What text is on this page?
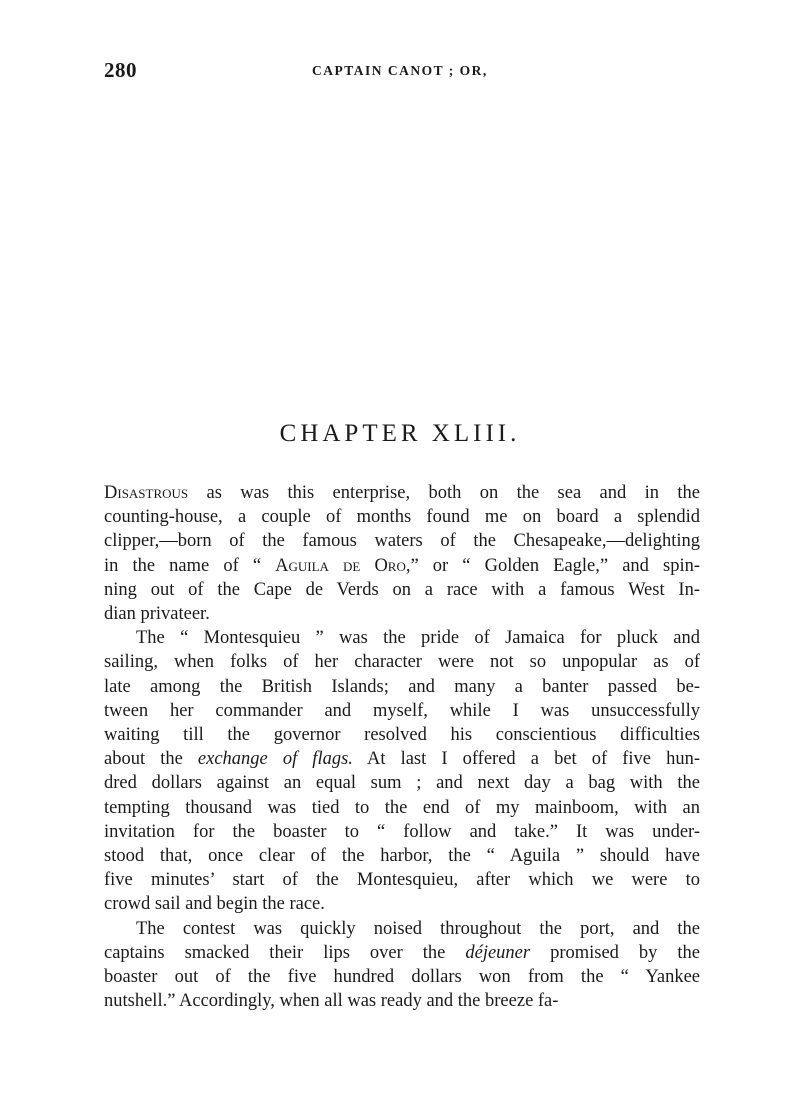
280	CAPTAIN CANOT ; OR,
CHAPTER XLIII.
Disastrous as was this enterprise, both on the sea and in the
counting-house, a couple of months found me on board a splendid
clipper,—born of the famous waters of the Chesapeake,—delighting
in the name of “ Aguila de Oro,” or “ Golden Eagle,” and spin-
ning out of the Cape de Verds on a race with a famous West In-
dian privateer.
The “ Montesquieu ” was the pride of Jamaica for pluck and
sailing, when folks of her character were not so unpopular as of
late among the British Islands; and many a banter passed be-
tween her commander and myself, while I was unsuccessfully
waiting till the governor resolved his conscientious difficulties
about the exchange of flags. At last I offered a bet of five hun-
dred dollars against an equal sum ; and next day a bag with the
tempting thousand was tied to the end of my mainboom, with an
invitation for the boaster to “ follow and take.” It was under-
stood that, once clear of the harbor, the “ Aguila ” should have
five minutes’ start of the Montesquieu, after which we were to
crowd sail and begin the race.
The contest was quickly noised throughout the port, and the
captains smacked their lips over the déjeuner promised by the
boaster out of the five hundred dollars won from the “ Yankee
nutshell.” Accordingly, when all was ready and the breeze fa-
